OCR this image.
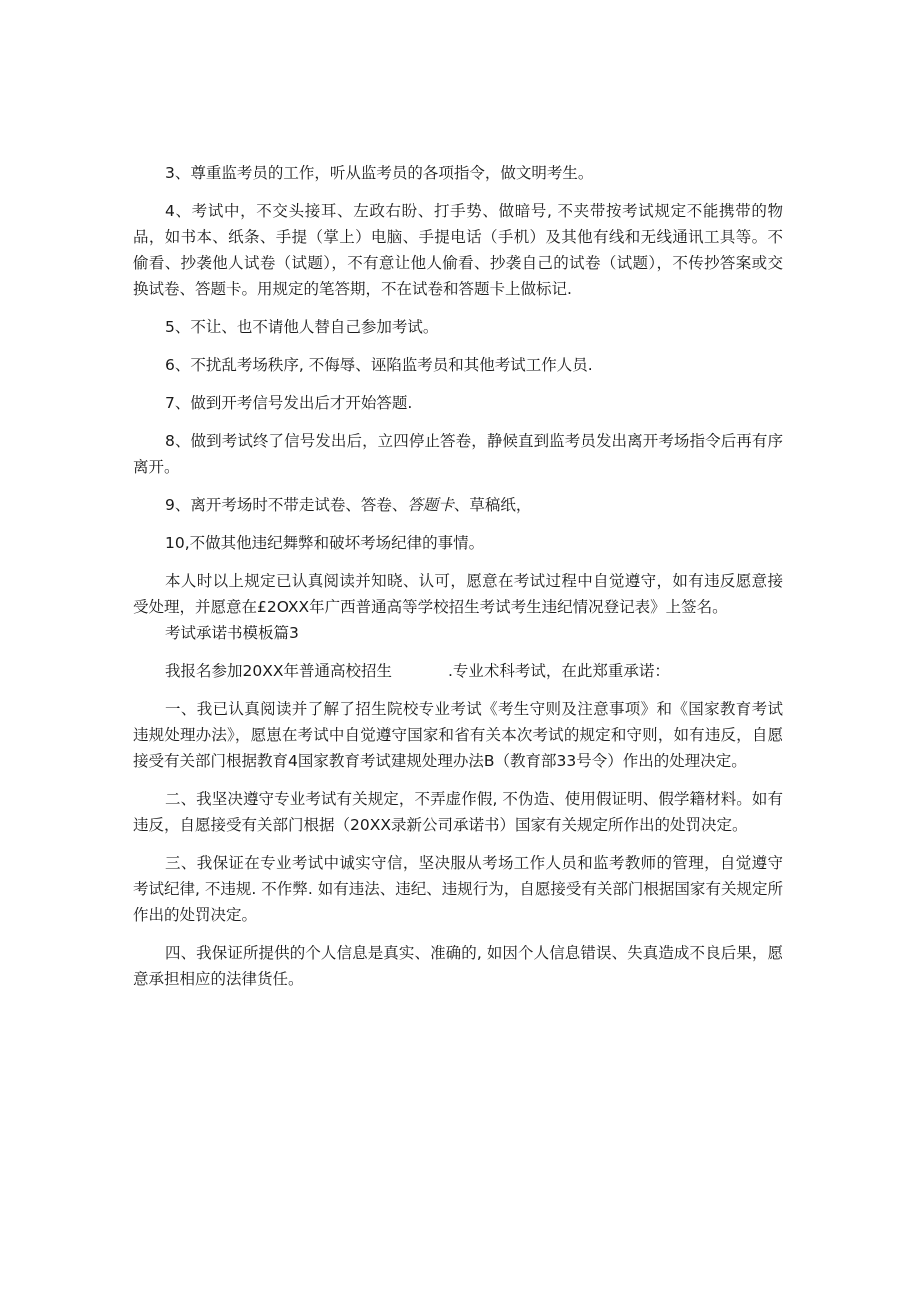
3、尊重监考员的工作，听从监考员的各项指令，做文明考生。

4、考试中，不交头接耳、左政右盼、打手势、做暗号, 不夹带按考试规定不能携带的物品，如书本、纸条、手提（掌上）电脑、手提电话（手机）及其他有线和无线通讯工具等。不偷看、抄袭他人试卷（试题），不有意让他人偷看、抄袭自己的试卷（试题），不传抄答案或交换试卷、答题卡。用规定的笔答期，不在试卷和答题卡上做标记.

5、不让、也不请他人替自己参加考试。

6、不扰乱考场秩序, 不侮辱、诬陷监考员和其他考试工作人员.

7、做到开考信号发出后才开始答题.

8、做到考试终了信号发出后，立四停止答卷，静候直到监考员发出离开考场指令后再有序离开。

9、离开考场时不带走试卷、答卷、答题卡、草稿纸，

10,不做其他违纪舞弊和破坏考场纪律的事情。

本人时以上规定已认真阅读并知晓、认可，愿意在考试过程中自觉遵守，如有违反愿意接受处理，并愿意在£2OXX年广西普通高等学校招生考试考生违纪情况登记表》上签名。

考试承诺书模板篇3

我报名参加20XX年普通高校招生	.专业术科考试，在此郑重承诺：

一、我已认真阅读并了解了招生院校专业考试《考生守则及注意事项》和《国家教育考试违规处理办法》，愿崽在考试中自觉遵守国家和省有关本次考试的规定和守则，如有违反，自愿接受有关部门根据教育4国家教育考试建规处理办法B（教育部33号令）作出的处理决定。

二、我坚决遵守专业考试有关规定，不弄虚作假, 不伪造、使用假证明、假学籍材料。如有违反，自愿接受有关部门根据（20XX录新公司承诺书）国家有关规定所作出的处罚决定。

三、我保证在专业考试中诚实守信，坚决服从考场工作人员和监考教师的管理，自觉遵守考试纪律, 不违规. 不作弊. 如有违法、违纪、违规行为，自愿接受有关部门根据国家有关规定所作出的处罚决定。

四、我保证所提供的个人信息是真实、准确的, 如因个人信息错误、失真造成不良后果，愿意承担相应的法律货任。
